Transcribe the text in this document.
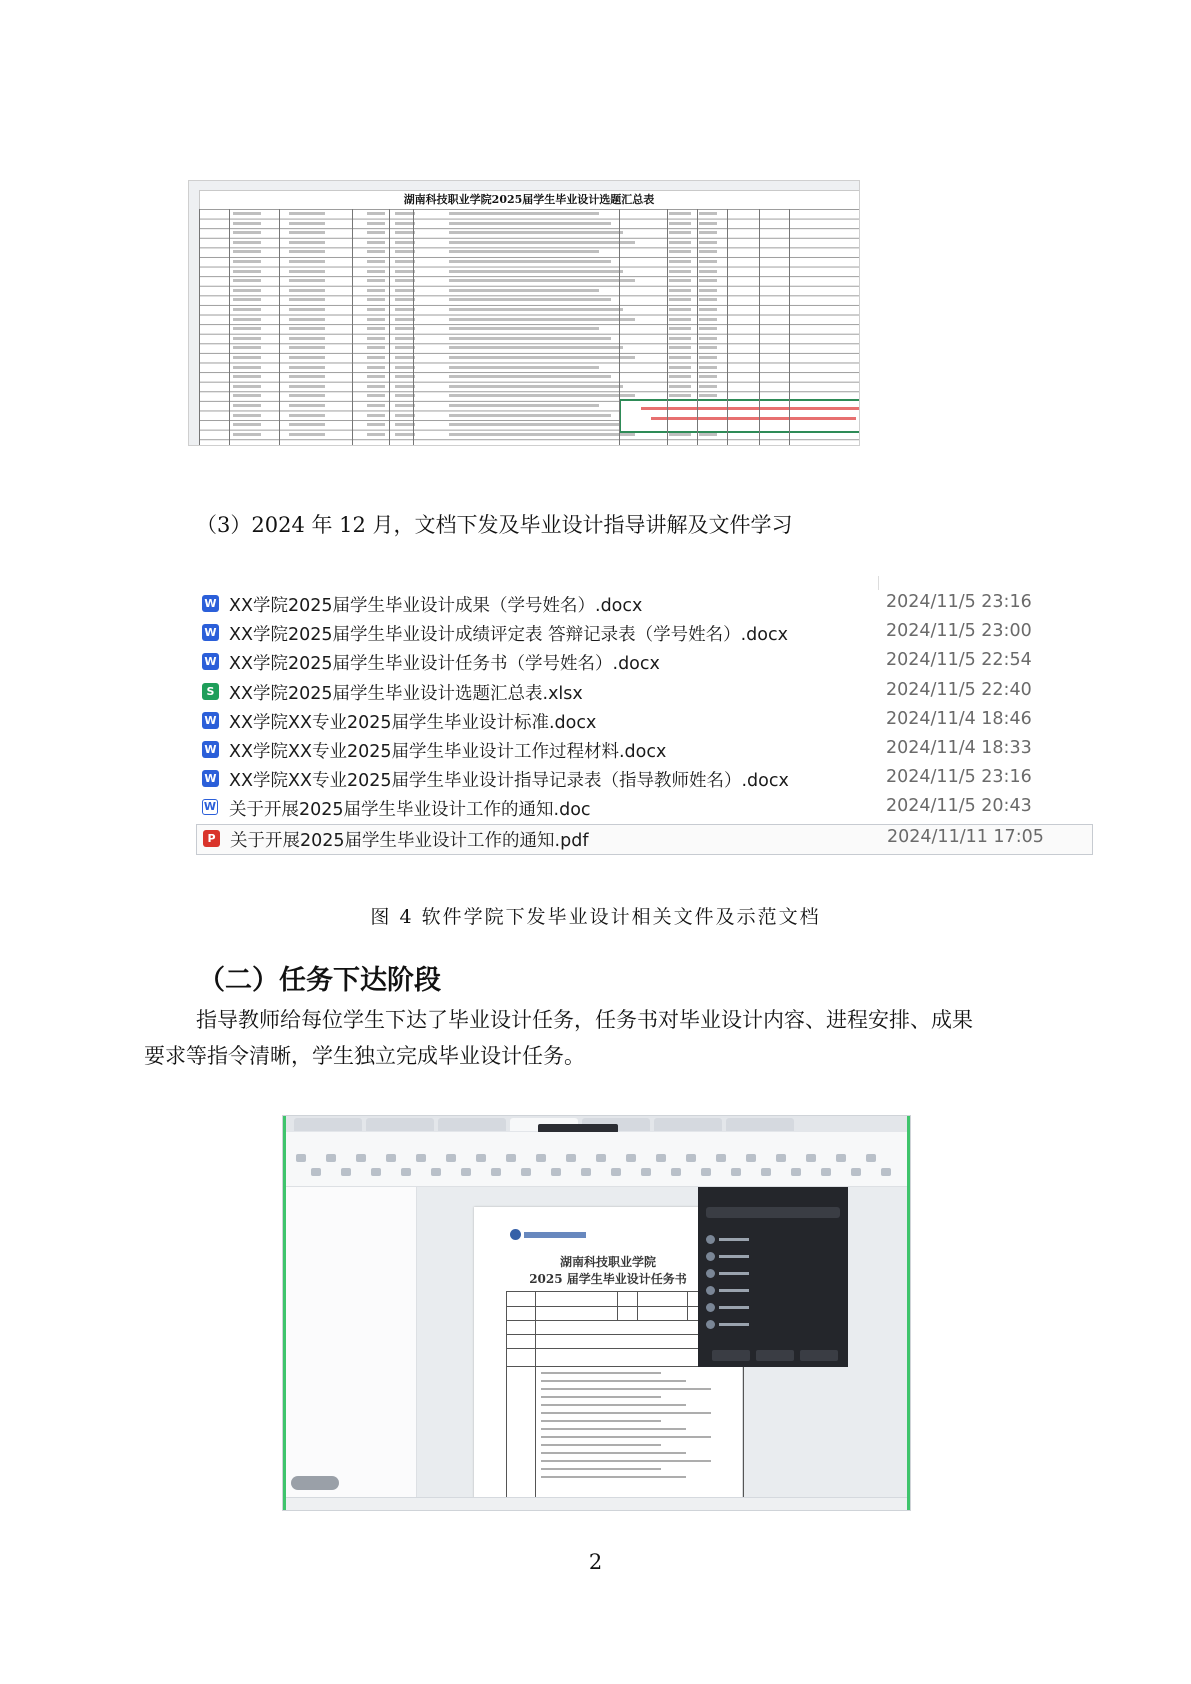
湖南科技职业学院2025届学生毕业设计选题汇总表
（3）2024 年 12 月，文档下发及毕业设计指导讲解及文件学习
W XX学院2025届学生毕业设计成果（学号姓名）.docx	2024/11/5 23:16
W XX学院2025届学生毕业设计成绩评定表 答辩记录表（学号姓名）.docx	2024/11/5 23:00
W XX学院2025届学生毕业设计任务书（学号姓名）.docx	2024/11/5 22:54
S XX学院2025届学生毕业设计选题汇总表.xlsx	2024/11/5 22:40
W XX学院XX专业2025届学生毕业设计标准.docx	2024/11/4 18:46
W XX学院XX专业2025届学生毕业设计工作过程材料.docx	2024/11/4 18:33
W XX学院XX专业2025届学生毕业设计指导记录表（指导教师姓名）.docx	2024/11/5 23:16
W 关于开展2025届学生毕业设计工作的通知.doc	2024/11/5 20:43
P 关于开展2025届学生毕业设计工作的通知.pdf	2024/11/11 17:05
图 4 软件学院下发毕业设计相关文件及示范文档
（二）任务下达阶段
指导教师给每位学生下达了毕业设计任务，任务书对毕业设计内容、进程安排、成果
要求等指令清晰，学生独立完成毕业设计任务。
湖南科技职业学院
2025 届学生毕业设计任务书
2
